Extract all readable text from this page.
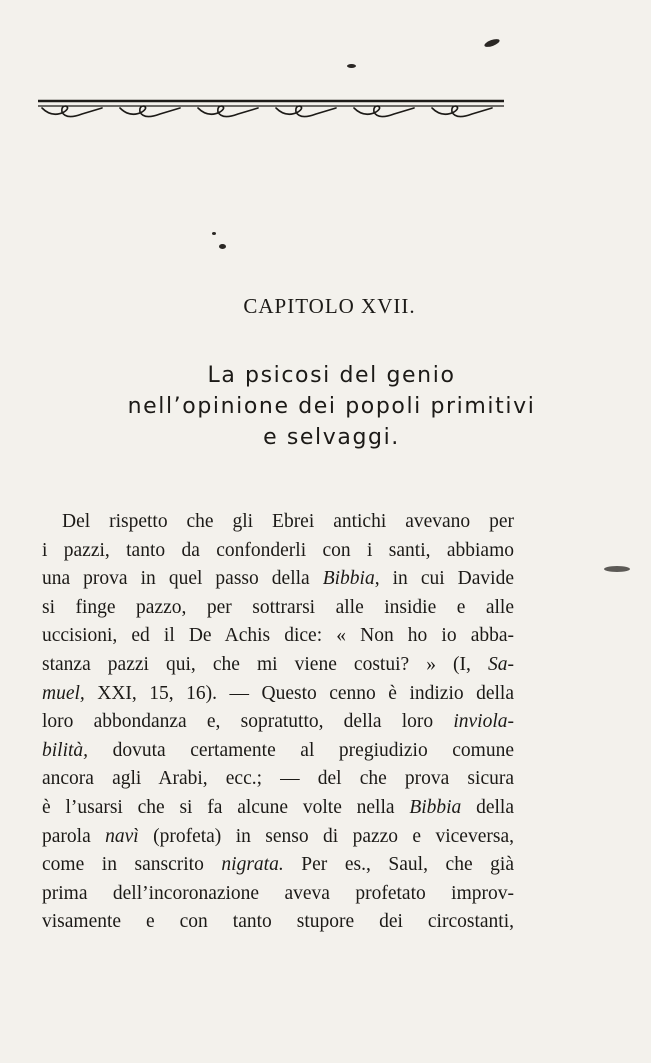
CAPITOLO XVII.
La psicosi del genio
nell’opinione dei popoli primitivi
e selvaggi.
Del rispetto che gli Ebrei antichi avevano per
i pazzi, tanto da confonderli con i santi, abbiamo
una prova in quel passo della Bibbia, in cui Davide
si finge pazzo, per sottrarsi alle insidie e alle
uccisioni, ed il De Achis dice: « Non ho io abba-
stanza pazzi qui, che mi viene costui? » (I, Sa-
muel, XXI, 15, 16). — Questo cenno è indizio della
loro abbondanza e, sopratutto, della loro inviola-
bilità, dovuta certamente al pregiudizio comune
ancora agli Arabi, ecc.; — del che prova sicura
è l’usarsi che si fa alcune volte nella Bibbia della
parola navì (profeta) in senso di pazzo e viceversa,
come in sanscrito nigrata. Per es., Saul, che già
prima dell’incoronazione aveva profetato improv-
visamente e con tanto stupore dei circostanti,
